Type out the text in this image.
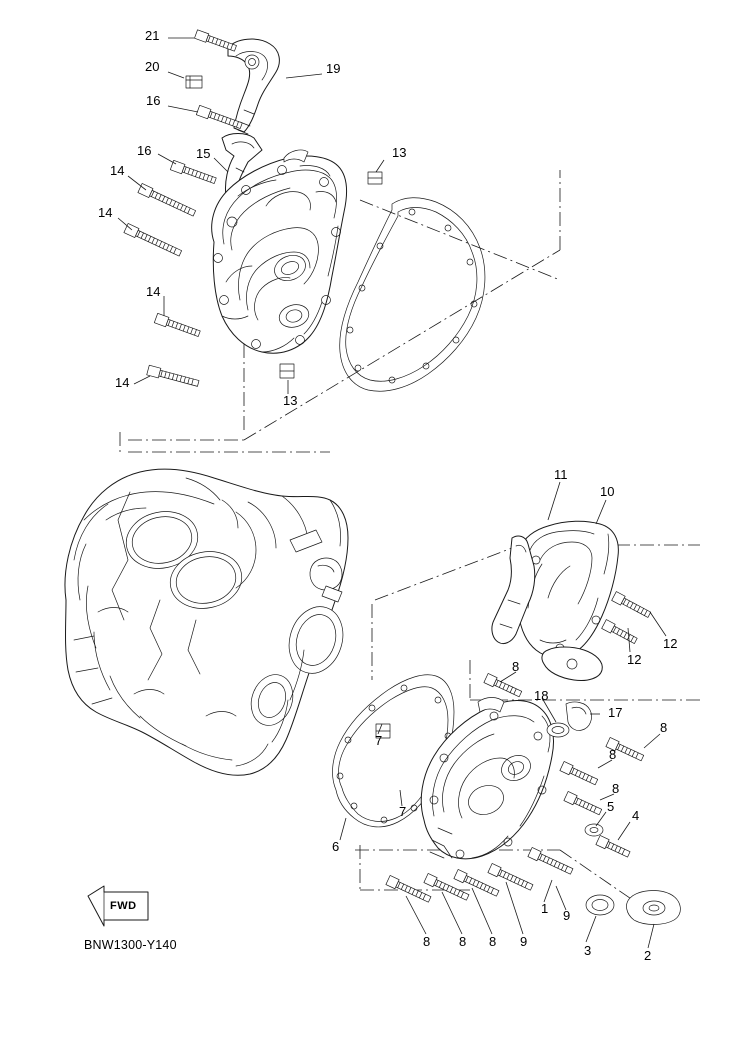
21
20	19
16
16	15	13
14
14
14
14
13
11
10
12
12
8
18
17
8
7
8
8
5
4
7
6
1 9
3	2
8 8 8 9
FWD
BNW1300-Y140
